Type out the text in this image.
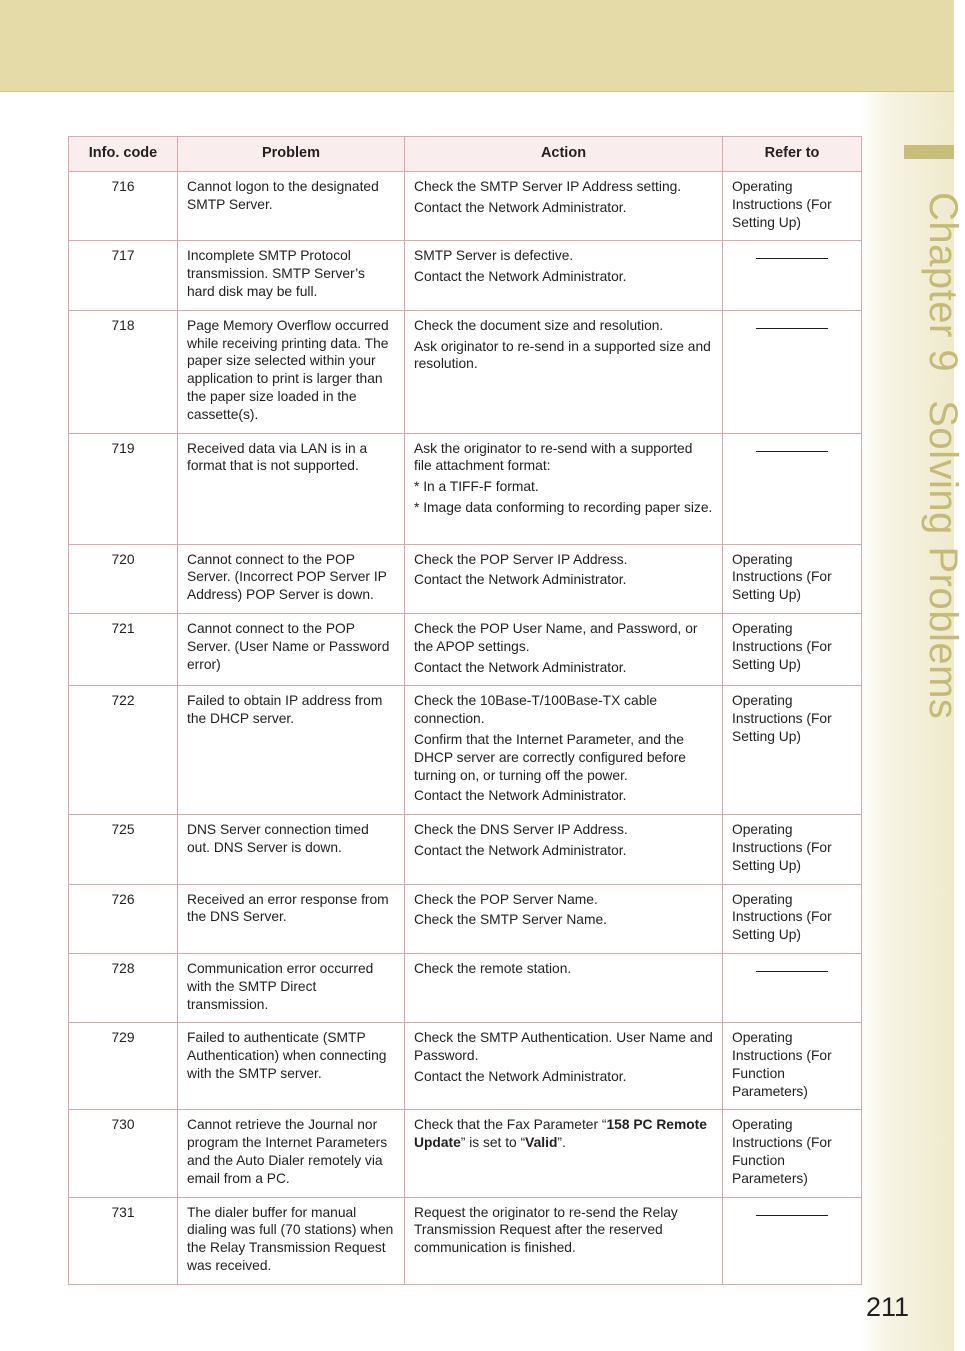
Chapter 9Solving Problems
Info. code	Problem	Action	Refer to
716	Cannot logon to the designated SMTP Server.	Check the SMTP Server IP Address setting.

Contact the Network Administrator.	Operating Instructions (For Setting Up)
717	Incomplete SMTP Protocol transmission. SMTP Server’s hard disk may be full.	SMTP Server is defective.

Contact the Network Administrator.	

718	Page Memory Overflow occurred while receiving printing data. The paper size selected within your application to print is larger than the paper size loaded in the cassette(s).	Check the document size and resolution.

Ask originator to re-send in a supported size and resolution.	

719	Received data via LAN is in a format that is not supported.	Ask the originator to re-send with a supported file attachment format:

* In a TIFF-F format.

* Image data conforming to recording paper size.	

720	Cannot connect to the POP Server. (Incorrect POP Server IP Address) POP Server is down.	Check the POP Server IP Address.

Contact the Network Administrator.	Operating Instructions (For Setting Up)
721	Cannot connect to the POP Server. (User Name or Password error)	Check the POP User Name, and Password, or the APOP settings.

Contact the Network Administrator.	Operating Instructions (For Setting Up)
722	Failed to obtain IP address from the DHCP server.	Check the 10Base-T/100Base-TX cable connection.

Confirm that the Internet Parameter, and the DHCP server are correctly configured before turning on, or turning off the power.

Contact the Network Administrator.	Operating Instructions (For Setting Up)
725	DNS Server connection timed out. DNS Server is down.	Check the DNS Server IP Address.

Contact the Network Administrator.	Operating Instructions (For Setting Up)
726	Received an error response from the DNS Server.	Check the POP Server Name.

Check the SMTP Server Name.	Operating Instructions (For Setting Up)
728	Communication error occurred with the SMTP Direct transmission.	Check the remote station.	

729	Failed to authenticate (SMTP Authentication) when connecting with the SMTP server.	Check the SMTP Authentication. User Name and Password.

Contact the Network Administrator.	Operating Instructions (For Function Parameters)
730	Cannot retrieve the Journal nor program the Internet Parameters and the Auto Dialer remotely via email from a PC.	Check that the Fax Parameter “158 PC Remote Update” is set to “Valid”.	Operating Instructions (For Function Parameters)
731	The dialer buffer for manual dialing was full (70 stations) when the Relay Transmission Request was received.	Request the originator to re-send the Relay Transmission Request after the reserved communication is finished.	

211
